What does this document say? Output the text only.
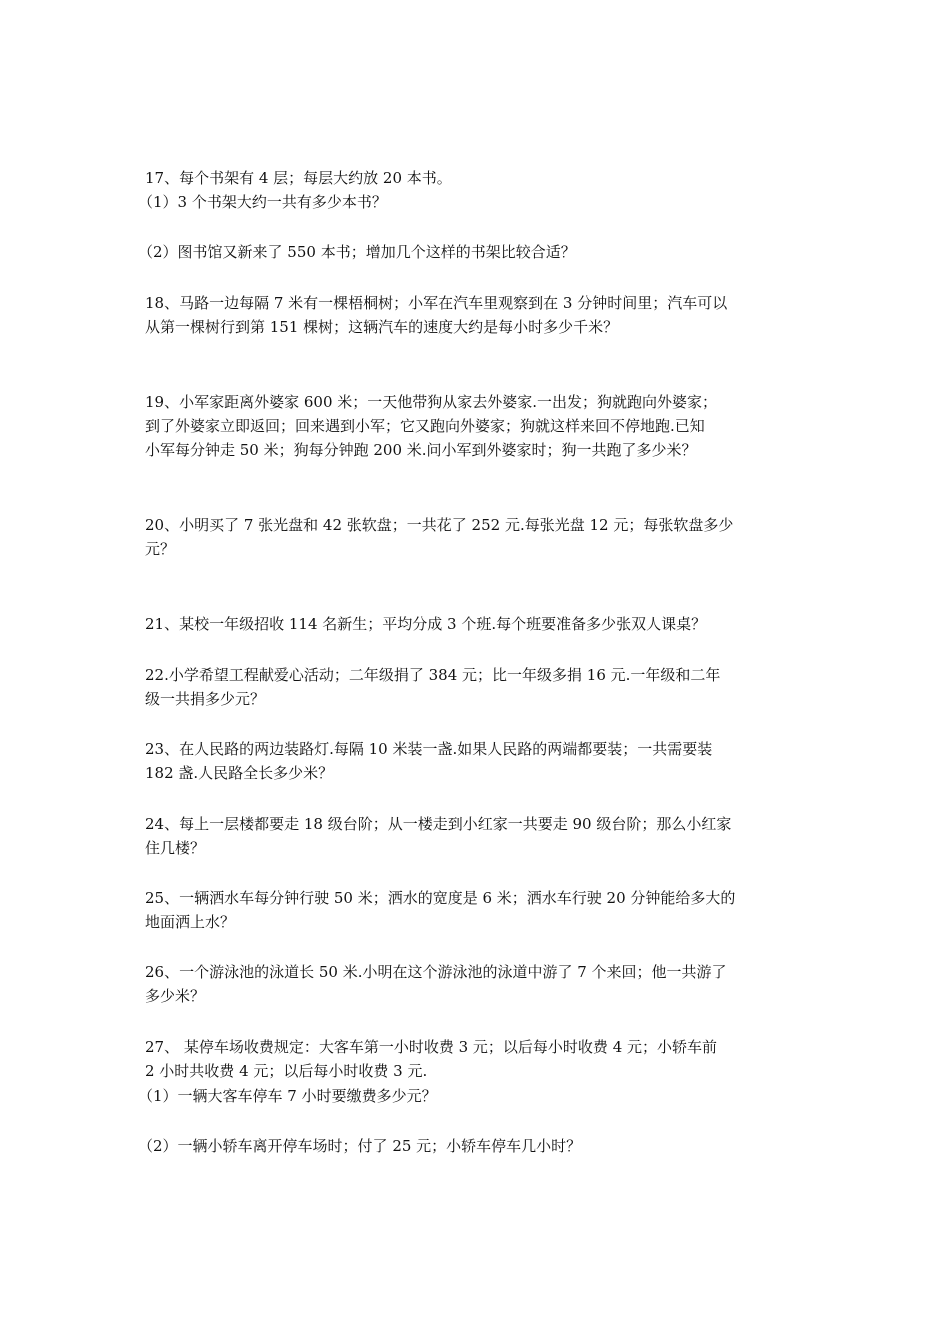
17、每个书架有 4 层；每层大约放 20 本书。
（1）3 个书架大约一共有多少本书？
（2）图书馆又新来了 550 本书；增加几个这样的书架比较合适？
18、马路一边每隔 7 米有一棵梧桐树；小军在汽车里观察到在 3 分钟时间里；汽车可以
从第一棵树行到第 151 棵树；这辆汽车的速度大约是每小时多少千米？
19、小军家距离外婆家 600 米；一天他带狗从家去外婆家.一出发；狗就跑向外婆家；
到了外婆家立即返回；回来遇到小军；它又跑向外婆家；狗就这样来回不停地跑.已知
小军每分钟走 50 米；狗每分钟跑 200 米.问小军到外婆家时；狗一共跑了多少米？
20、小明买了 7 张光盘和 42 张软盘；一共花了 252 元.每张光盘 12 元；每张软盘多少
元？
21、某校一年级招收 114 名新生；平均分成 3 个班.每个班要准备多少张双人课桌？
22.小学希望工程献爱心活动；二年级捐了 384 元；比一年级多捐 16 元.一年级和二年
级一共捐多少元？
23、在人民路的两边装路灯.每隔 10 米装一盏.如果人民路的两端都要装；一共需要装
182 盏.人民路全长多少米？
24、每上一层楼都要走 18 级台阶；从一楼走到小红家一共要走 90 级台阶；那么小红家
住几楼？
25、一辆洒水车每分钟行驶 50 米；洒水的宽度是 6 米；洒水车行驶 20 分钟能给多大的
地面洒上水？
26、一个游泳池的泳道长 50 米.小明在这个游泳池的泳道中游了 7 个来回；他一共游了
多少米？
27、 某停车场收费规定：大客车第一小时收费 3 元；以后每小时收费 4 元；小轿车前
2 小时共收费 4 元；以后每小时收费 3 元.
（1）一辆大客车停车 7 小时要缴费多少元？
（2）一辆小轿车离开停车场时；付了 25 元；小轿车停车几小时？
